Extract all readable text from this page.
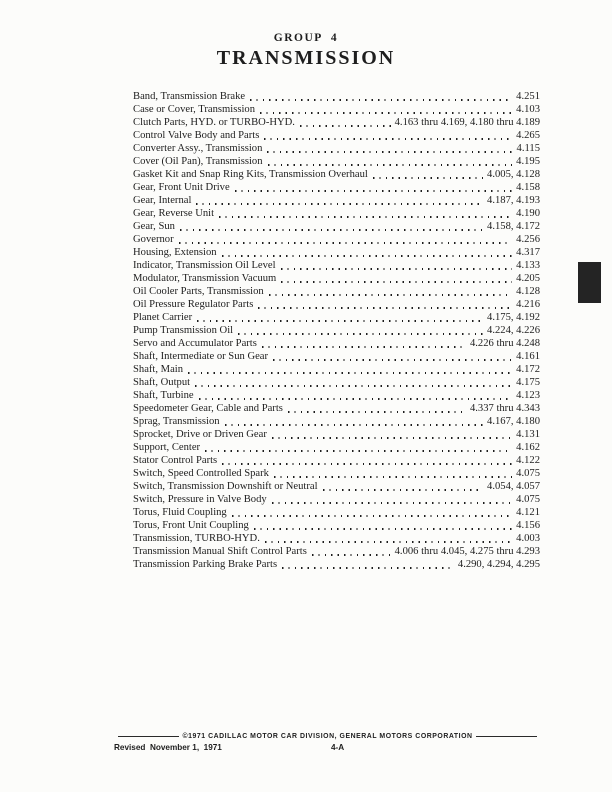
GROUP  4
TRANSMISSION
Band, Transmission Brake	4.251
Case or Cover, Transmission	4.103
Clutch Parts, HYD. or TURBO-HYD.	4.163 thru 4.169, 4.180 thru 4.189
Control Valve Body and Parts	4.265
Converter Assy., Transmission	4.115
Cover (Oil Pan), Transmission	4.195
Gasket Kit and Snap Ring Kits, Transmission Overhaul	4.005, 4.128
Gear, Front Unit Drive	4.158
Gear, Internal	4.187, 4.193
Gear, Reverse Unit	4.190
Gear, Sun	4.158, 4.172
Governor	4.256
Housing, Extension	4.317
Indicator, Transmission Oil Level	4.133
Modulator, Transmission Vacuum	4.205
Oil Cooler Parts, Transmission	4.128
Oil Pressure Regulator Parts	4.216
Planet Carrier	4.175, 4.192
Pump Transmission Oil	4.224, 4.226
Servo and Accumulator Parts	4.226 thru 4.248
Shaft, Intermediate or Sun Gear	4.161
Shaft, Main	4.172
Shaft, Output	4.175
Shaft, Turbine	4.123
Speedometer Gear, Cable and Parts	4.337 thru 4.343
Sprag, Transmission	4.167, 4.180
Sprocket, Drive or Driven Gear	4.131
Support, Center	4.162
Stator Control Parts	4.122
Switch, Speed Controlled Spark	4.075
Switch, Transmission Downshift or Neutral	4.054, 4.057
Switch, Pressure in Valve Body	4.075
Torus, Fluid Coupling	4.121
Torus, Front Unit Coupling	4.156
Transmission, TURBO-HYD.	4.003
Transmission Manual Shift Control Parts	4.006 thru 4.045, 4.275 thru 4.293
Transmission Parking Brake Parts	4.290, 4.294, 4.295
©1971 CADILLAC MOTOR CAR DIVISION, GENERAL MOTORS CORPORATION
Revised  November 1,  1971	4-A
